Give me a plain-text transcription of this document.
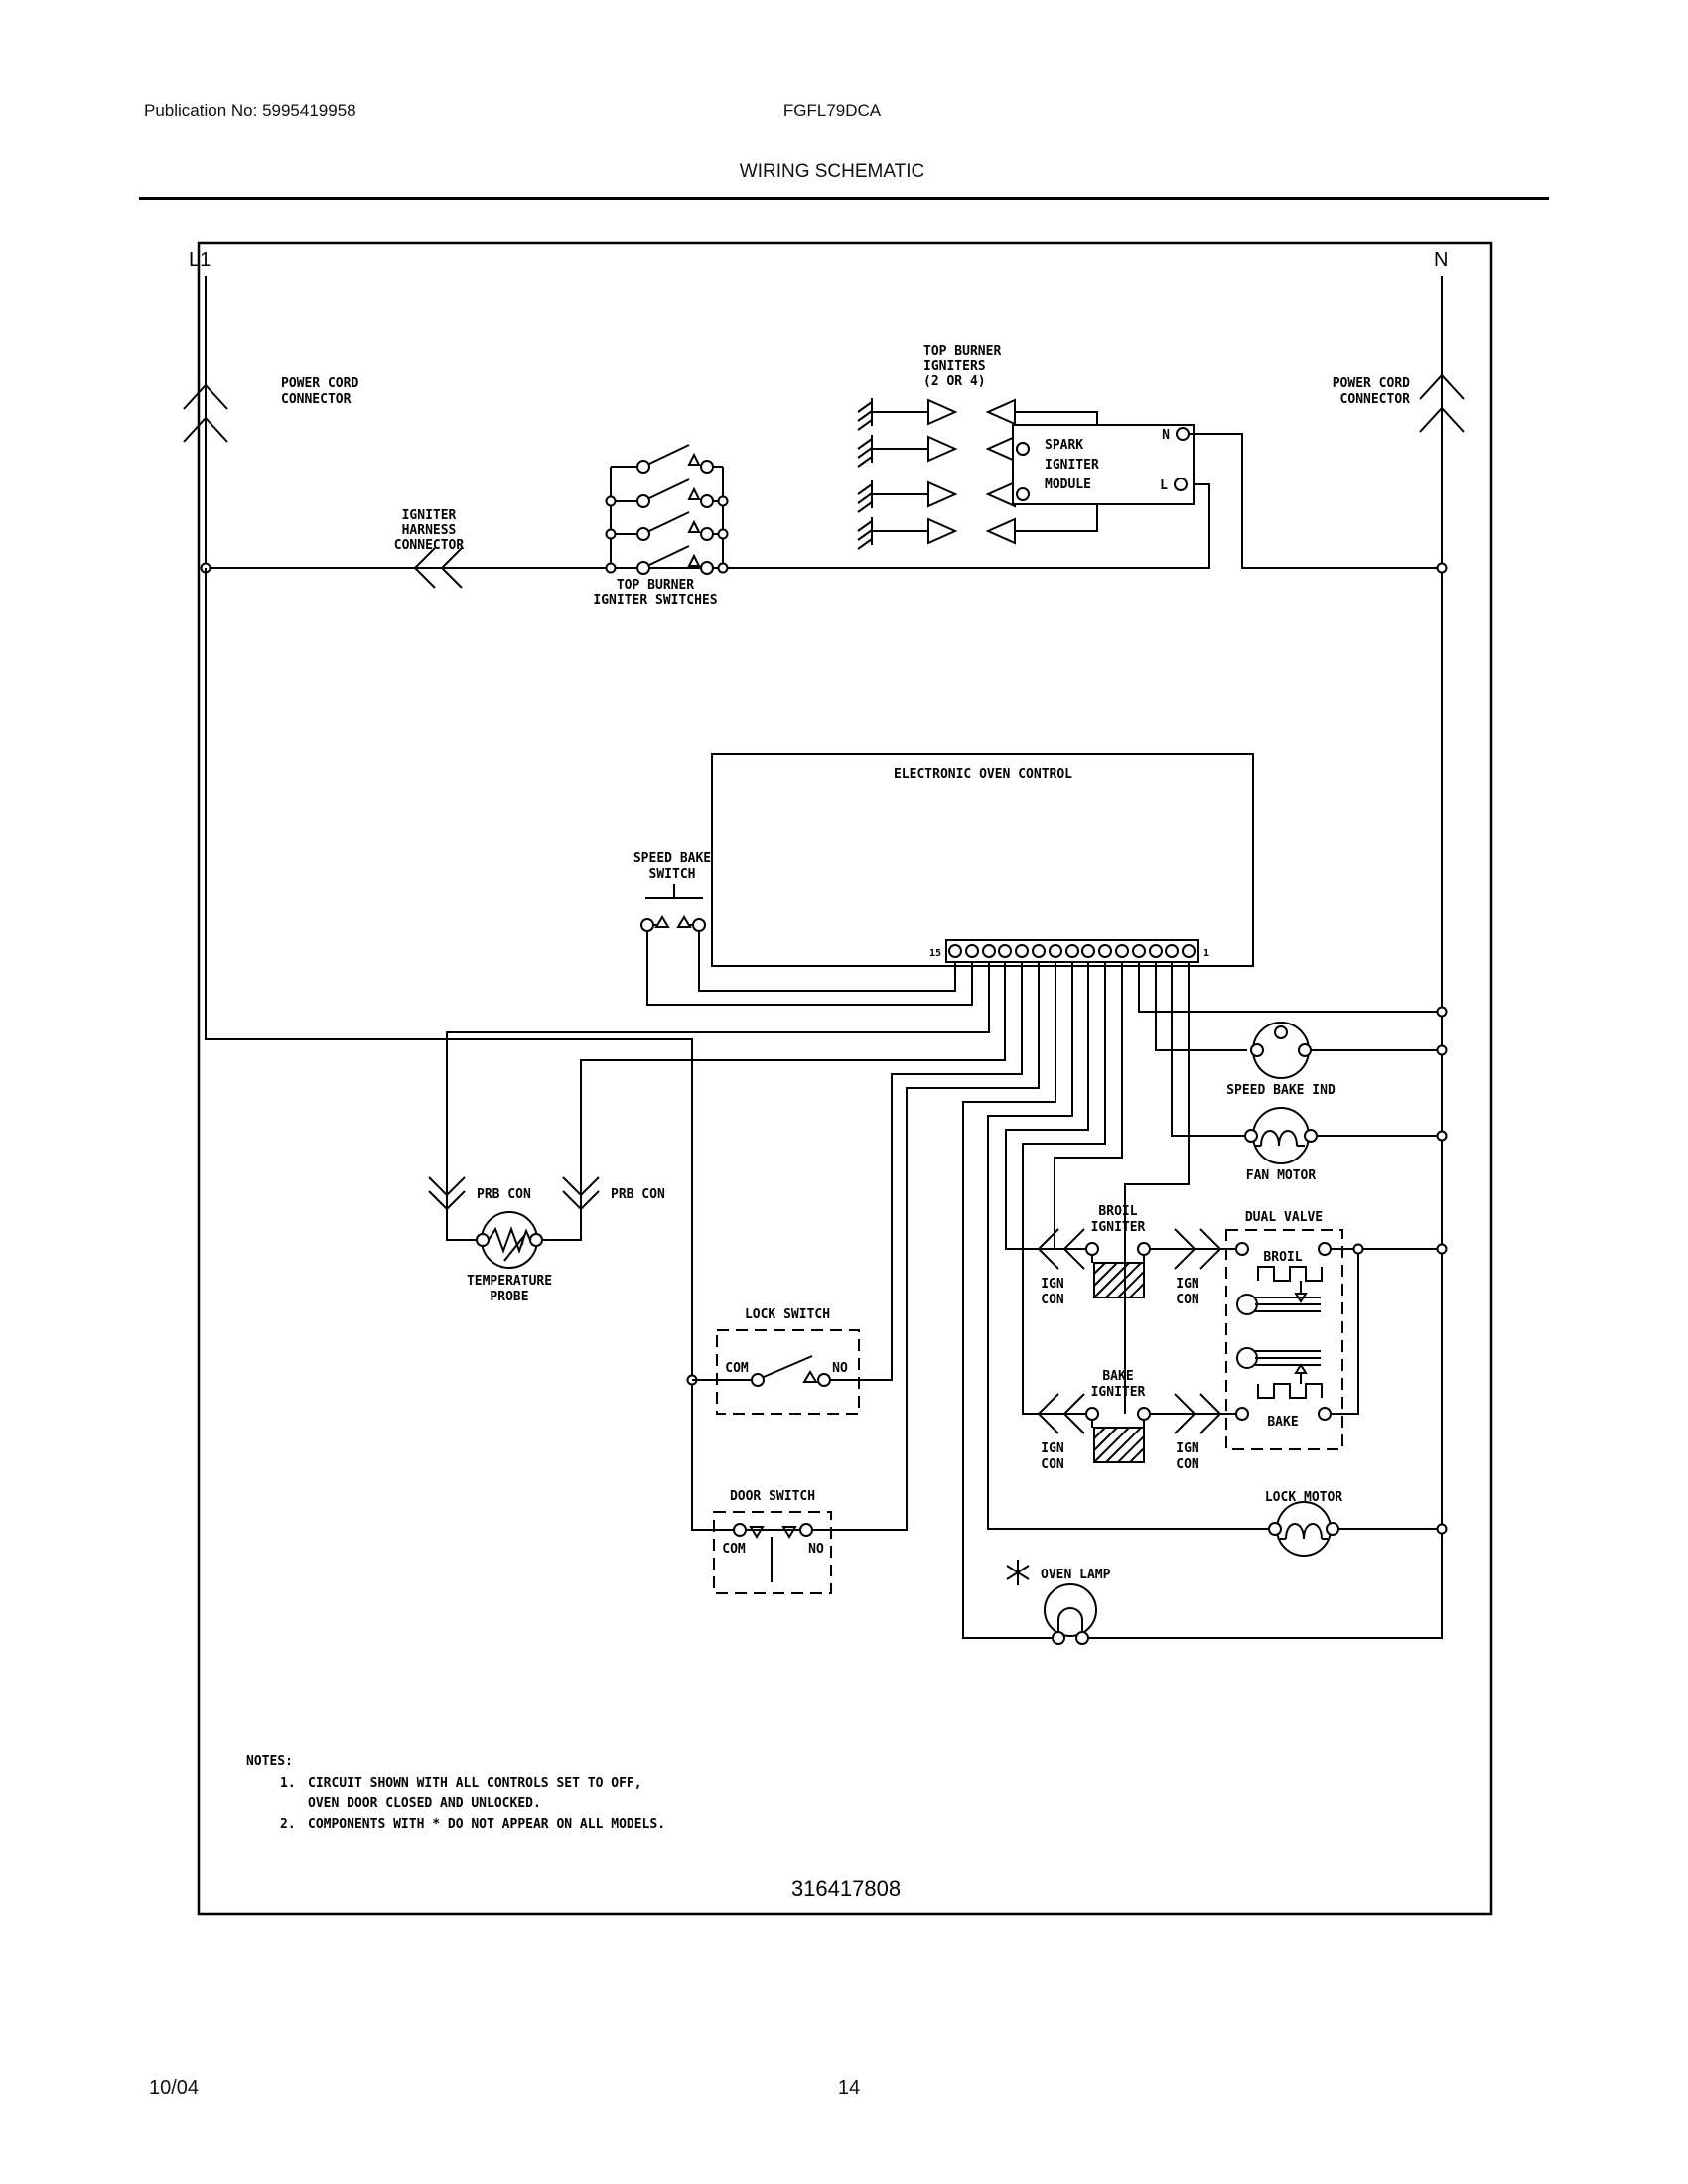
Publication No: 5995419958	FGFL79DCA
WIRING SCHEMATIC
L1
POWER CORD
CONNECTOR
N
POWER CORD
CONNECTOR
IGNITER
HARNESS
CONNECTOR
TOP BURNER
IGNITER SWITCHES
TOP BURNER
IGNITERS
(2 OR 4)
SPARK
IGNITER
MODULE
N
L
ELECTRONIC OVEN CONTROL
15	1
SPEED BAKE
SWITCH
SPEED BAKE IND
FAN MOTOR
PRB CON	PRB CON
TEMPERATURE
PROBE
LOCK SWITCH
COM	NO
DOOR SWITCH
COM	NO
BROIL
IGNITER
IGN
CON
IGN
CON
BAKE
IGNITER
IGN
CON
IGN
CON
DUAL VALVE
BROIL
BAKE
LOCK MOTOR
OVEN LAMP
NOTES:
1. CIRCUIT SHOWN WITH ALL CONTROLS SET TO OFF,
OVEN DOOR CLOSED AND UNLOCKED.
2. COMPONENTS WITH * DO NOT APPEAR ON ALL MODELS.
316417808
10/04	14
